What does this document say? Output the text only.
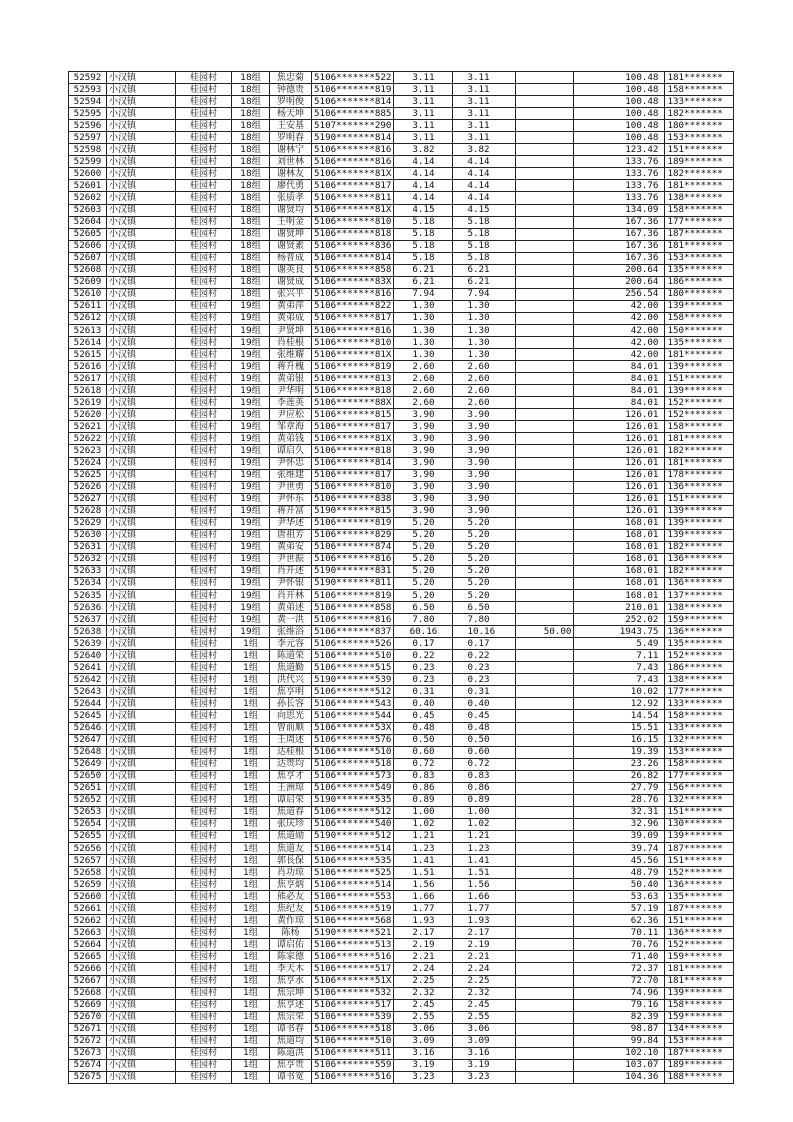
52592	小汉镇	桂园村	18组	焦忠菊	5106*******522	3.11	3.11		100.48	181*******
52593	小汉镇	桂园村	18组	钟德贵	5106*******819	3.11	3.11		100.48	158*******
52594	小汉镇	桂园村	18组	罗明俊	5106*******814	3.11	3.11		100.48	133*******
52595	小汉镇	桂园村	18组	杨天坤	5106*******885	3.11	3.11		100.48	182*******
52596	小汉镇	桂园村	18组	王安基	5107*******290	3.11	3.11		100.48	180*******
52597	小汉镇	桂园村	18组	罗明春	5190*******814	3.11	3.11		100.48	153*******
52598	小汉镇	桂园村	18组	谢林宁	5106*******816	3.82	3.82		123.42	151*******
52599	小汉镇	桂园村	18组	刘世林	5106*******816	4.14	4.14		133.76	189*******
52600	小汉镇	桂园村	18组	谢林友	5106*******81X	4.14	4.14		133.76	182*******
52601	小汉镇	桂园村	18组	廖代勇	5106*******817	4.14	4.14		133.76	181*******
52602	小汉镇	桂园村	18组	张质孝	5106*******811	4.14	4.14		133.76	138*******
52603	小汉镇	桂园村	18组	谢贤均	5106*******81X	4.15	4.15		134.09	158*******
52604	小汉镇	桂园村	18组	王明金	5106*******810	5.18	5.18		167.36	177*******
52605	小汉镇	桂园村	18组	谢贤坤	5106*******818	5.18	5.18		167.36	187*******
52606	小汉镇	桂园村	18组	谢贤素	5106*******836	5.18	5.18		167.36	181*******
52607	小汉镇	桂园村	18组	杨普成	5106*******814	5.18	5.18		167.36	153*******
52608	小汉镇	桂园村	18组	谢英良	5106*******858	6.21	6.21		200.64	135*******
52609	小汉镇	桂园村	18组	谢贤成	5106*******83X	6.21	6.21		200.64	186*******
52610	小汉镇	桂园村	18组	张兴平	5106*******816	7.94	7.94		256.54	180*******
52611	小汉镇	桂园村	19组	黄弟萍	5106*******822	1.30	1.30		42.00	139*******
52612	小汉镇	桂园村	19组	黄弟成	5106*******817	1.30	1.30		42.00	158*******
52613	小汉镇	桂园村	19组	尹贤坤	5106*******816	1.30	1.30		42.00	150*******
52614	小汉镇	桂园村	19组	肖桂根	5106*******810	1.30	1.30		42.00	135*******
52615	小汉镇	桂园村	19组	张维耀	5106*******81X	1.30	1.30		42.00	181*******
52616	小汉镇	桂园村	19组	蒋升槐	5106*******819	2.60	2.60		84.01	139*******
52617	小汉镇	桂园村	19组	黄弟银	5106*******813	2.60	2.60		84.01	151*******
52618	小汉镇	桂园村	19组	尹华明	5106*******818	2.60	2.60		84.01	139*******
52619	小汉镇	桂园村	19组	李莲英	5106*******88X	2.60	2.60		84.01	152*******
52620	小汉镇	桂园村	19组	尹应松	5106*******815	3.90	3.90		126.01	152*******
52621	小汉镇	桂园村	19组	邹章海	5106*******817	3.90	3.90		126.01	158*******
52622	小汉镇	桂园村	19组	黄弟钱	5106*******81X	3.90	3.90		126.01	181*******
52623	小汉镇	桂园村	19组	谭启久	5106*******818	3.90	3.90		126.01	182*******
52624	小汉镇	桂园村	19组	尹怀忠	5106*******814	3.90	3.90		126.01	181*******
52625	小汉镇	桂园村	19组	张维建	5106*******817	3.90	3.90		126.01	178*******
52626	小汉镇	桂园村	19组	尹世勇	5106*******810	3.90	3.90		126.01	136*******
52627	小汉镇	桂园村	19组	尹怀东	5106*******838	3.90	3.90		126.01	151*******
52628	小汉镇	桂园村	19组	蒋开富	5190*******815	3.90	3.90		126.01	139*******
52629	小汉镇	桂园村	19组	尹华述	5106*******819	5.20	5.20		168.01	139*******
52630	小汉镇	桂园村	19组	唐祖芳	5106*******829	5.20	5.20		168.01	139*******
52631	小汉镇	桂园村	19组	黄弟安	5106*******874	5.20	5.20		168.01	182*******
52632	小汉镇	桂园村	19组	尹世振	5106*******816	5.20	5.20		168.01	136*******
52633	小汉镇	桂园村	19组	肖开述	5190*******831	5.20	5.20		168.01	182*******
52634	小汉镇	桂园村	19组	尹怀银	5190*******811	5.20	5.20		168.01	136*******
52635	小汉镇	桂园村	19组	肖开林	5106*******819	5.20	5.20		168.01	137*******
52636	小汉镇	桂园村	19组	黄弟述	5106*******858	6.50	6.50		210.01	138*******
52637	小汉镇	桂园村	19组	黄一洪	5106*******816	7.80	7.80		252.02	159*******
52638	小汉镇	桂园村	19组	张维浴	5106*******837	60.16	10.16	50.00	1943.75	136*******
52639	小汉镇	桂园村	1组	李元容	5106*******526	0.17	0.17		5.49	135*******
52640	小汉镇	桂园村	1组	陈道荣	5106*******510	0.22	0.22		7.11	152*******
52641	小汉镇	桂园村	1组	焦道勤	5106*******515	0.23	0.23		7.43	186*******
52642	小汉镇	桂园村	1组	洪代兴	5190*******539	0.23	0.23		7.43	138*******
52643	小汉镇	桂园村	1组	焦亨明	5106*******512	0.31	0.31		10.02	177*******
52644	小汉镇	桂园村	1组	孙长容	5106*******543	0.40	0.40		12.92	133*******
52645	小汉镇	桂园村	1组	向思光	5106*******544	0.45	0.45		14.54	158*******
52646	小汉镇	桂园村	1组	曾前顺	5106*******53X	0.48	0.48		15.51	133*******
52647	小汉镇	桂园村	1组	王周述	5106*******576	0.50	0.50		16.15	132*******
52648	小汉镇	桂园村	1组	达桂根	5106*******510	0.60	0.60		19.39	153*******
52649	小汉镇	桂园村	1组	达贵均	5106*******518	0.72	0.72		23.26	158*******
52650	小汉镇	桂园村	1组	焦亨才	5106*******573	0.83	0.83		26.82	177*******
52651	小汉镇	桂园村	1组	王洲琼	5106*******549	0.86	0.86		27.79	156*******
52652	小汉镇	桂园村	1组	谭启荣	5190*******535	0.89	0.89		28.76	132*******
52653	小汉镇	桂园村	1组	焦道春	5106*******512	1.00	1.00		32.31	151*******
52654	小汉镇	桂园村	1组	张庆珍	5106*******540	1.02	1.02		32.96	130*******
52655	小汉镇	桂园村	1组	焦道勋	5190*******512	1.21	1.21		39.09	139*******
52656	小汉镇	桂园村	1组	焦道友	5106*******514	1.23	1.23		39.74	187*******
52657	小汉镇	桂园村	1组	郭長保	5106*******535	1.41	1.41		45.56	151*******
52658	小汉镇	桂园村	1组	肖功琼	5106*******525	1.51	1.51		48.79	152*******
52659	小汉镇	桂园村	1组	焦亨炳	5106*******514	1.56	1.56		50.40	136*******
52660	小汉镇	桂园村	1组	熊必友	5106*******553	1.66	1.66		53.63	135*******
52661	小汉镇	桂园村	1组	焦纪友	5106*******519	1.77	1.77		57.19	187*******
52662	小汉镇	桂园村	1组	黄作琼	5106*******568	1.93	1.93		62.36	151*******
52663	小汉镇	桂园村	1组	陈杨	5190*******521	2.17	2.17		70.11	136*******
52664	小汉镇	桂园村	1组	谭启佑	5106*******513	2.19	2.19		70.76	152*******
52665	小汉镇	桂园村	1组	陈家德	5106*******516	2.21	2.21		71.40	159*******
52666	小汉镇	桂园村	1组	李天木	5106*******517	2.24	2.24		72.37	181*******
52667	小汉镇	桂园村	1组	焦亨水	5106*******51X	2.25	2.25		72.70	181*******
52668	小汉镇	桂园村	1组	焦宗坤	5106*******532	2.32	2.32		74.96	139*******
52669	小汉镇	桂园村	1组	焦亨述	5106*******517	2.45	2.45		79.16	158*******
52670	小汉镇	桂园村	1组	焦宗荣	5106*******539	2.55	2.55		82.39	159*******
52671	小汉镇	桂园村	1组	谭书春	5106*******518	3.06	3.06		98.87	134*******
52672	小汉镇	桂园村	1组	焦道均	5106*******510	3.09	3.09		99.84	153*******
52673	小汉镇	桂园村	1组	陈道洪	5106*******511	3.16	3.16		102.10	187*******
52674	小汉镇	桂园村	1组	焦亨贵	5106*******559	3.19	3.19		103.07	189*******
52675	小汉镇	桂园村	1组	谭书宽	5106*******516	3.23	3.23		104.36	188*******
